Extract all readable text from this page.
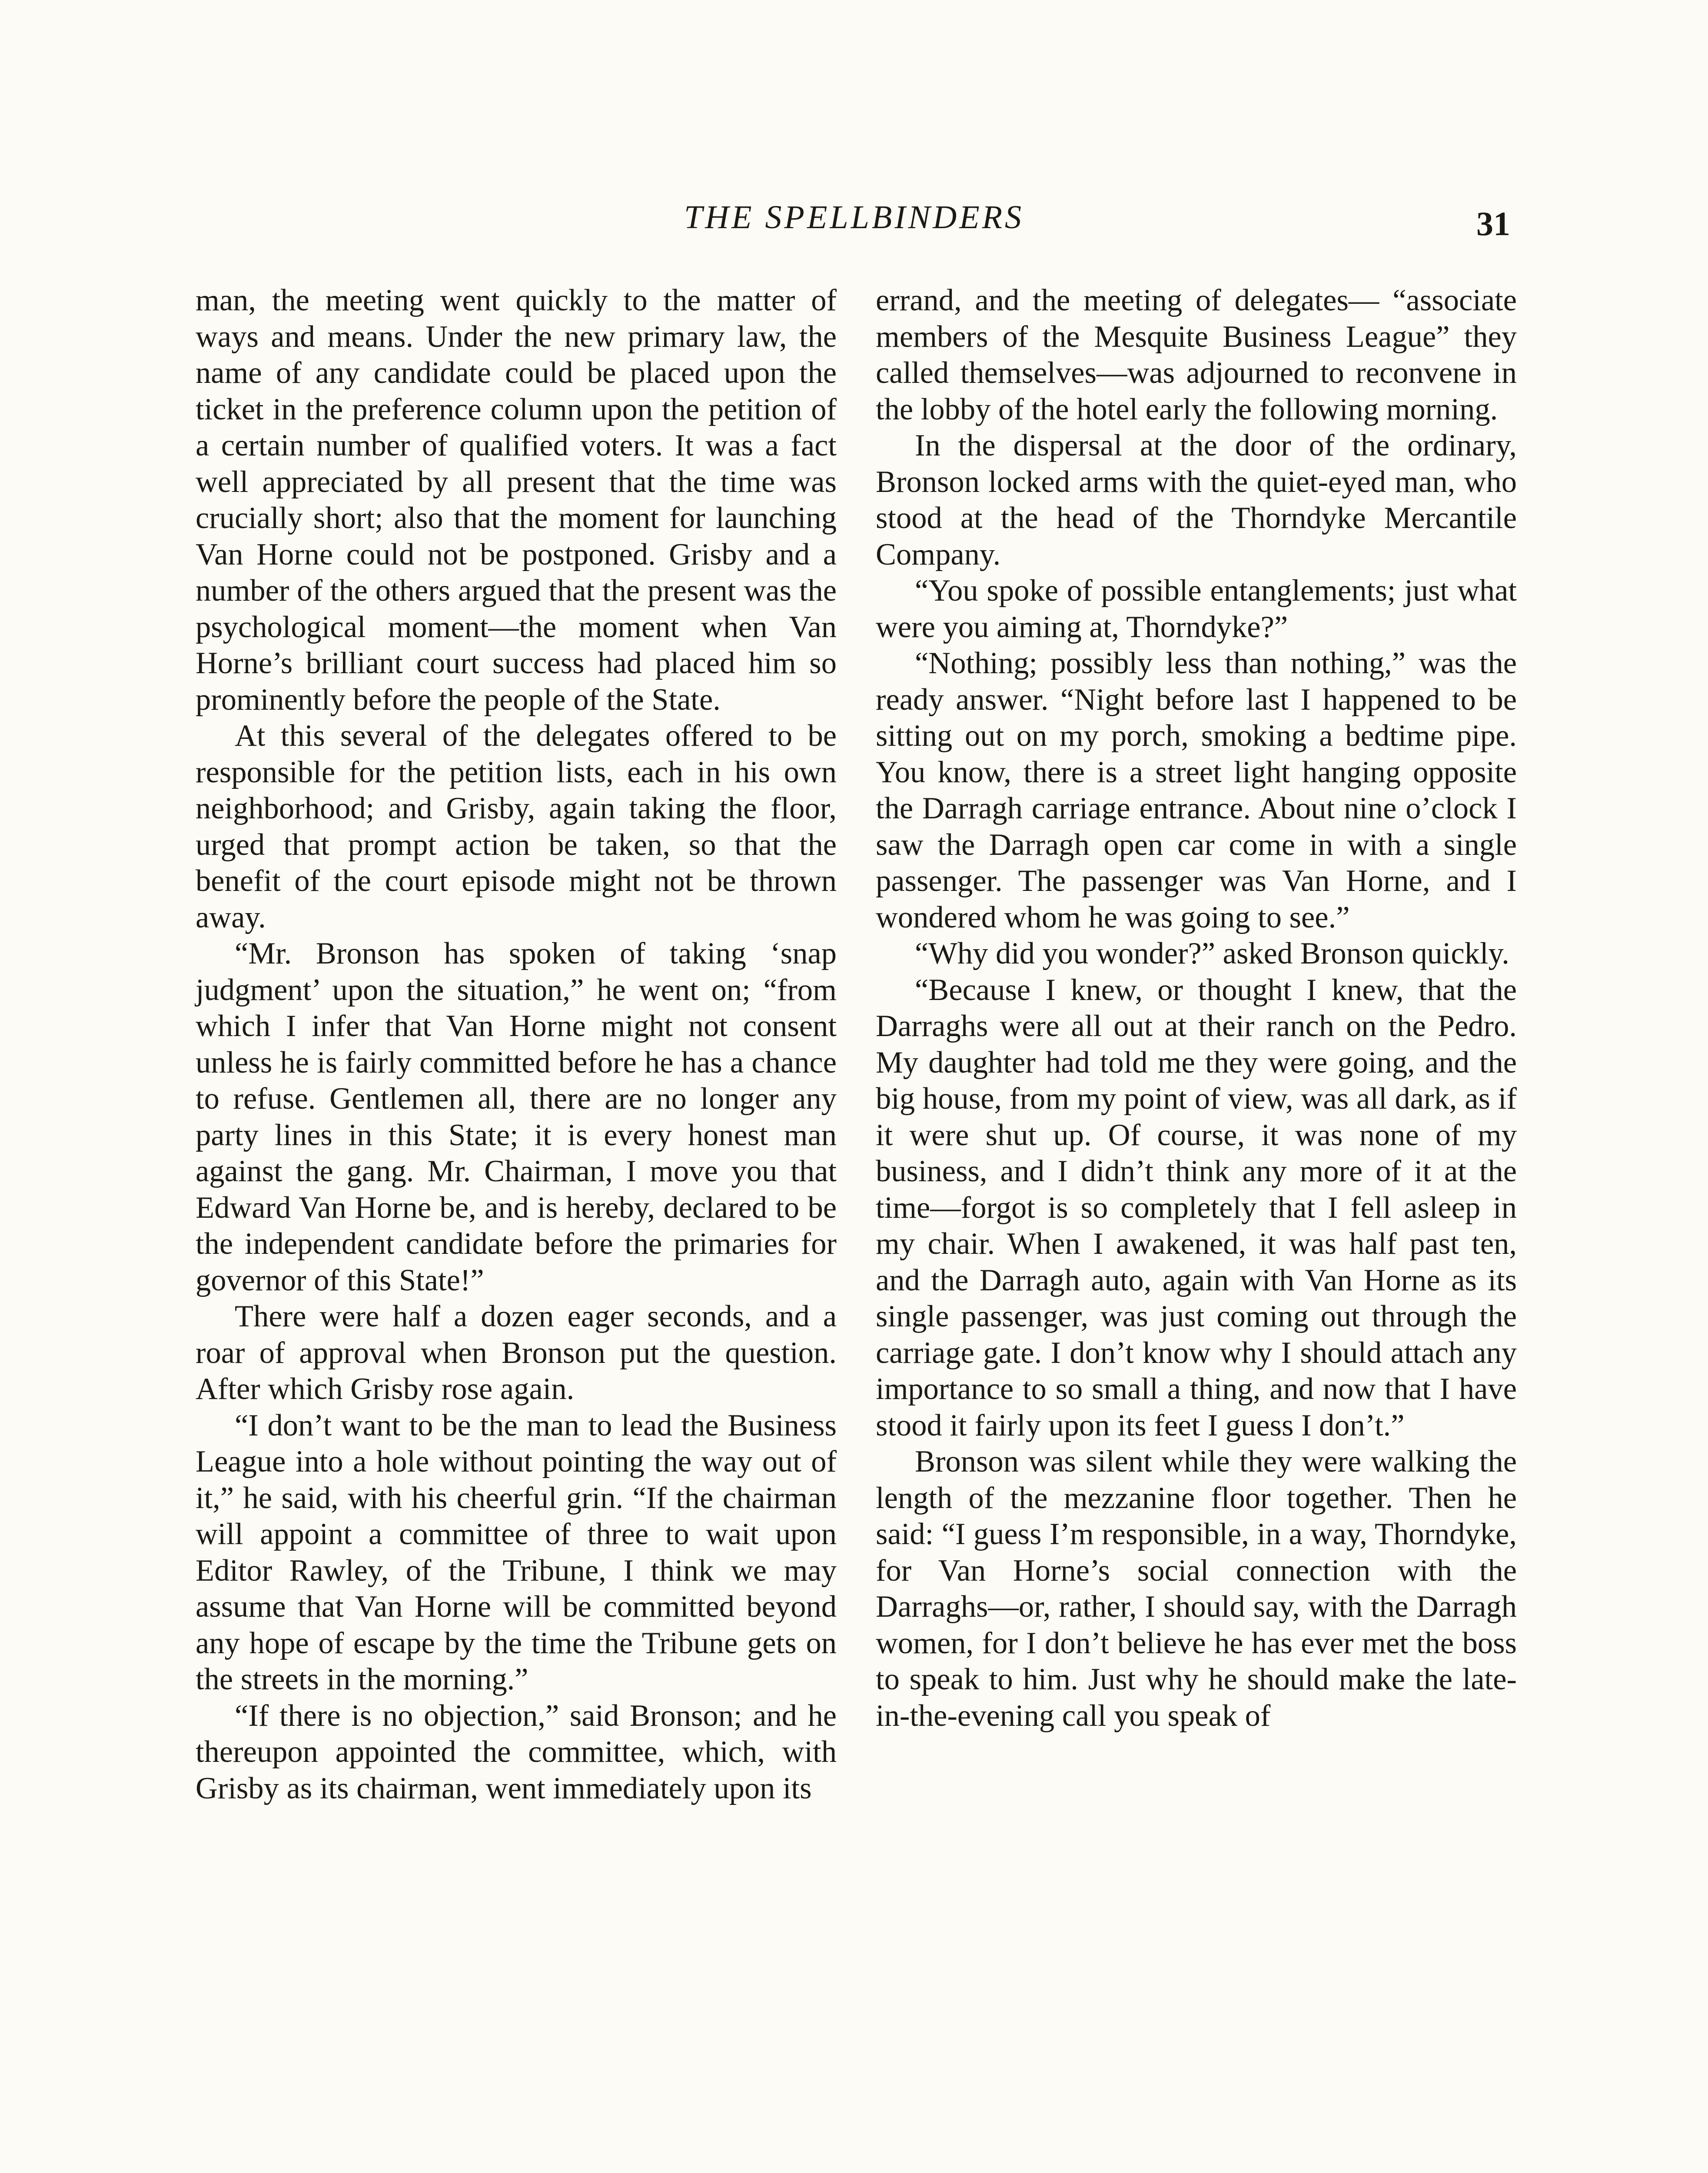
THE SPELLBINDERS	31

man, the meeting went quickly to the matter of ways and means. Under the new primary law, the name of any candidate could be placed upon the ticket in the preference column upon the petition of a certain number of qualified voters. It was a fact well appreciated by all present that the time was crucially short; also that the moment for launching Van Horne could not be postponed. Grisby and a number of the others argued that the present was the psychological moment—the moment when Van Horne’s brilliant court success had placed him so prominently before the people of the State.

At this several of the delegates offered to be responsible for the petition lists, each in his own neighborhood; and Grisby, again taking the floor, urged that prompt action be taken, so that the benefit of the court episode might not be thrown away.

“Mr. Bronson has spoken of taking ‘snap judgment’ upon the situation,” he went on; “from which I infer that Van Horne might not consent unless he is fairly committed before he has a chance to refuse. Gentlemen all, there are no longer any party lines in this State; it is every honest man against the gang. Mr. Chairman, I move you that Edward Van Horne be, and is hereby, declared to be the independent candidate before the primaries for governor of this State!”

There were half a dozen eager seconds, and a roar of approval when Bronson put the question. After which Grisby rose again.

“I don’t want to be the man to lead the Business League into a hole without pointing the way out of it,” he said, with his cheerful grin. “If the chairman will appoint a committee of three to wait upon Editor Rawley, of the Tribune, I think we may assume that Van Horne will be committed beyond any hope of escape by the time the Tribune gets on the streets in the morning.”

“If there is no objection,” said Bronson; and he thereupon appointed the committee, which, with Grisby as its chairman, went immediately upon its

errand, and the meeting of delegates— “associate members of the Mesquite Business League” they called themselves—was adjourned to reconvene in the lobby of the hotel early the following morning.

In the dispersal at the door of the ordinary, Bronson locked arms with the quiet-eyed man, who stood at the head of the Thorndyke Mercantile Company.

“You spoke of possible entanglements; just what were you aiming at, Thorndyke?”

“Nothing; possibly less than nothing,” was the ready answer. “Night before last I happened to be sitting out on my porch, smoking a bedtime pipe. You know, there is a street light hanging opposite the Darragh carriage entrance. About nine o’clock I saw the Darragh open car come in with a single passenger. The passenger was Van Horne, and I wondered whom he was going to see.”

“Why did you wonder?” asked Bronson quickly.

“Because I knew, or thought I knew, that the Darraghs were all out at their ranch on the Pedro. My daughter had told me they were going, and the big house, from my point of view, was all dark, as if it were shut up. Of course, it was none of my business, and I didn’t think any more of it at the time—forgot is so completely that I fell asleep in my chair. When I awakened, it was half past ten, and the Darragh auto, again with Van Horne as its single passenger, was just coming out through the carriage gate. I don’t know why I should attach any importance to so small a thing, and now that I have stood it fairly upon its feet I guess I don’t.”

Bronson was silent while they were walking the length of the mezzanine floor together. Then he said: “I guess I’m responsible, in a way, Thorndyke, for Van Horne’s social connection with the Darraghs—or, rather, I should say, with the Darragh women, for I don’t believe he has ever met the boss to speak to him. Just why he should make the late-in-the-evening call you speak of
